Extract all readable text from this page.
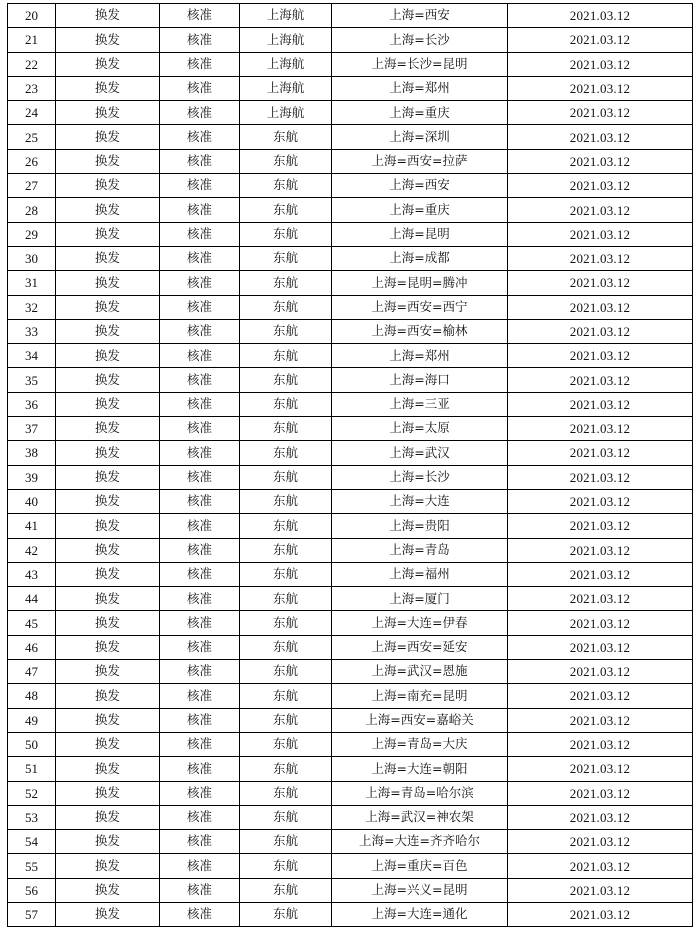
20	换发	核准	上海航	上海=西安	2021.03.12
21	换发	核准	上海航	上海=长沙	2021.03.12
22	换发	核准	上海航	上海=长沙=昆明	2021.03.12
23	换发	核准	上海航	上海=郑州	2021.03.12
24	换发	核准	上海航	上海=重庆	2021.03.12
25	换发	核准	东航	上海=深圳	2021.03.12
26	换发	核准	东航	上海=西安=拉萨	2021.03.12
27	换发	核准	东航	上海=西安	2021.03.12
28	换发	核准	东航	上海=重庆	2021.03.12
29	换发	核准	东航	上海=昆明	2021.03.12
30	换发	核准	东航	上海=成都	2021.03.12
31	换发	核准	东航	上海=昆明=腾冲	2021.03.12
32	换发	核准	东航	上海=西安=西宁	2021.03.12
33	换发	核准	东航	上海=西安=榆林	2021.03.12
34	换发	核准	东航	上海=郑州	2021.03.12
35	换发	核准	东航	上海=海口	2021.03.12
36	换发	核准	东航	上海=三亚	2021.03.12
37	换发	核准	东航	上海=太原	2021.03.12
38	换发	核准	东航	上海=武汉	2021.03.12
39	换发	核准	东航	上海=长沙	2021.03.12
40	换发	核准	东航	上海=大连	2021.03.12
41	换发	核准	东航	上海=贵阳	2021.03.12
42	换发	核准	东航	上海=青岛	2021.03.12
43	换发	核准	东航	上海=福州	2021.03.12
44	换发	核准	东航	上海=厦门	2021.03.12
45	换发	核准	东航	上海=大连=伊春	2021.03.12
46	换发	核准	东航	上海=西安=延安	2021.03.12
47	换发	核准	东航	上海=武汉=恩施	2021.03.12
48	换发	核准	东航	上海=南充=昆明	2021.03.12
49	换发	核准	东航	上海=西安=嘉峪关	2021.03.12
50	换发	核准	东航	上海=青岛=大庆	2021.03.12
51	换发	核准	东航	上海=大连=朝阳	2021.03.12
52	换发	核准	东航	上海=青岛=哈尔滨	2021.03.12
53	换发	核准	东航	上海=武汉=神农架	2021.03.12
54	换发	核准	东航	上海=大连=齐齐哈尔	2021.03.12
55	换发	核准	东航	上海=重庆=百色	2021.03.12
56	换发	核准	东航	上海=兴义=昆明	2021.03.12
57	换发	核准	东航	上海=大连=通化	2021.03.12
